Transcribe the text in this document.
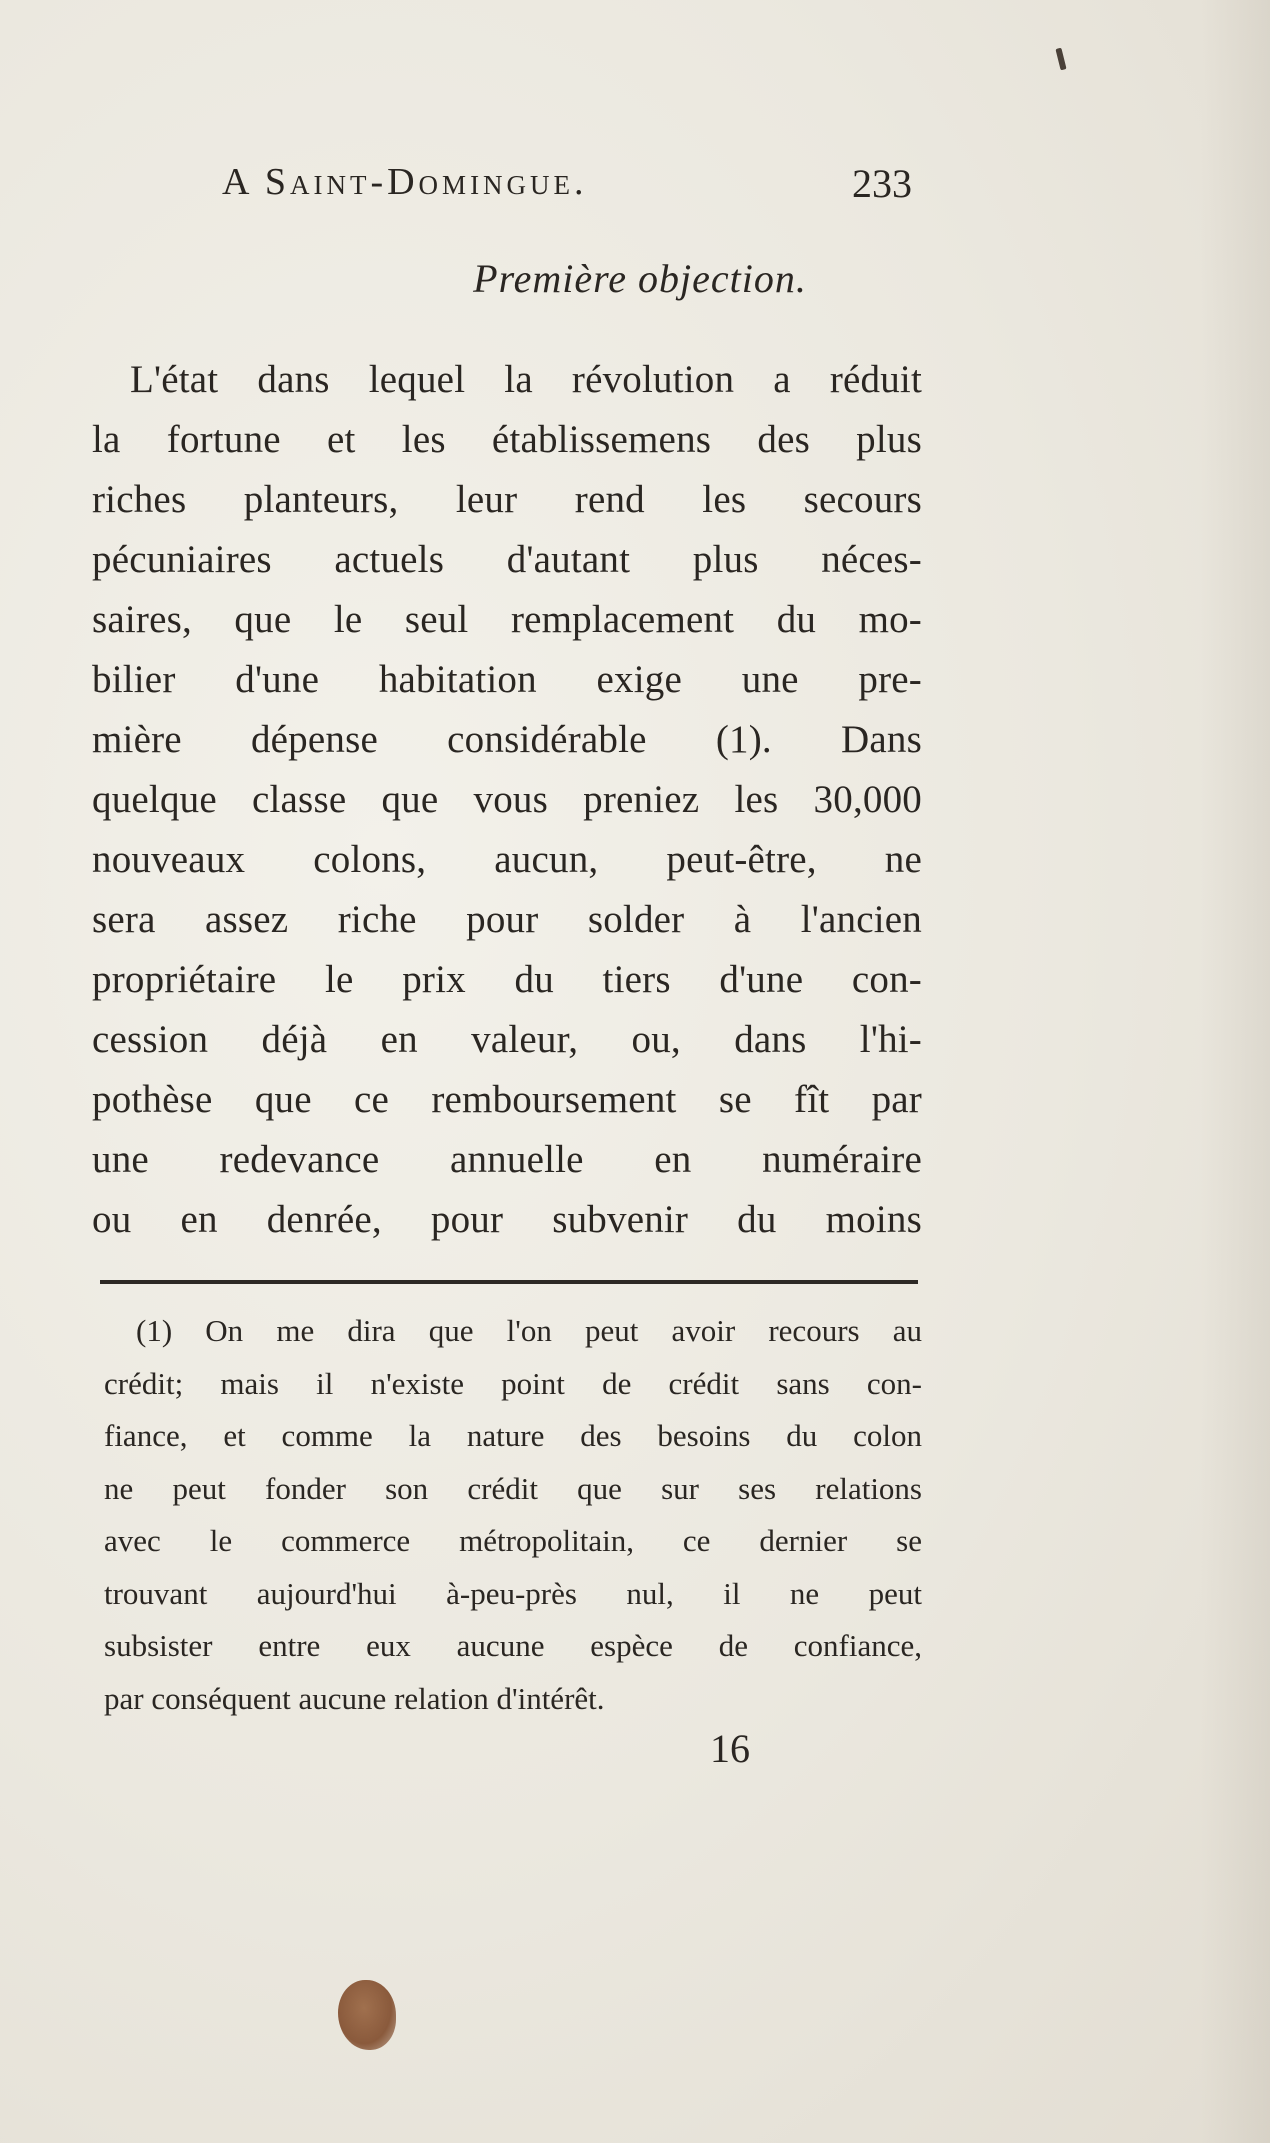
A Saint-Domingue.	233
Première objection.
L'état dans lequel la révolution a réduit
la fortune et les établissemens des plus
riches planteurs, leur rend les secours
pécuniaires actuels d'autant plus néces-
saires, que le seul remplacement du mo-
bilier d'une habitation exige une pre-
mière dépense considérable (1). Dans
quelque classe que vous preniez les 30,000
nouveaux colons, aucun, peut-être, ne
sera assez riche pour solder à l'ancien
propriétaire le prix du tiers d'une con-
cession déjà en valeur, ou, dans l'hi-
pothèse que ce remboursement se fît par
une redevance annuelle en numéraire
ou en denrée, pour subvenir du moins
(1) On me dira que l'on peut avoir recours au
crédit; mais il n'existe point de crédit sans con-
fiance, et comme la nature des besoins du colon
ne peut fonder son crédit que sur ses relations
avec le commerce métropolitain, ce dernier se
trouvant aujourd'hui à-peu-près nul, il ne peut
subsister entre eux aucune espèce de confiance,
par conséquent aucune relation d'intérêt.
16
